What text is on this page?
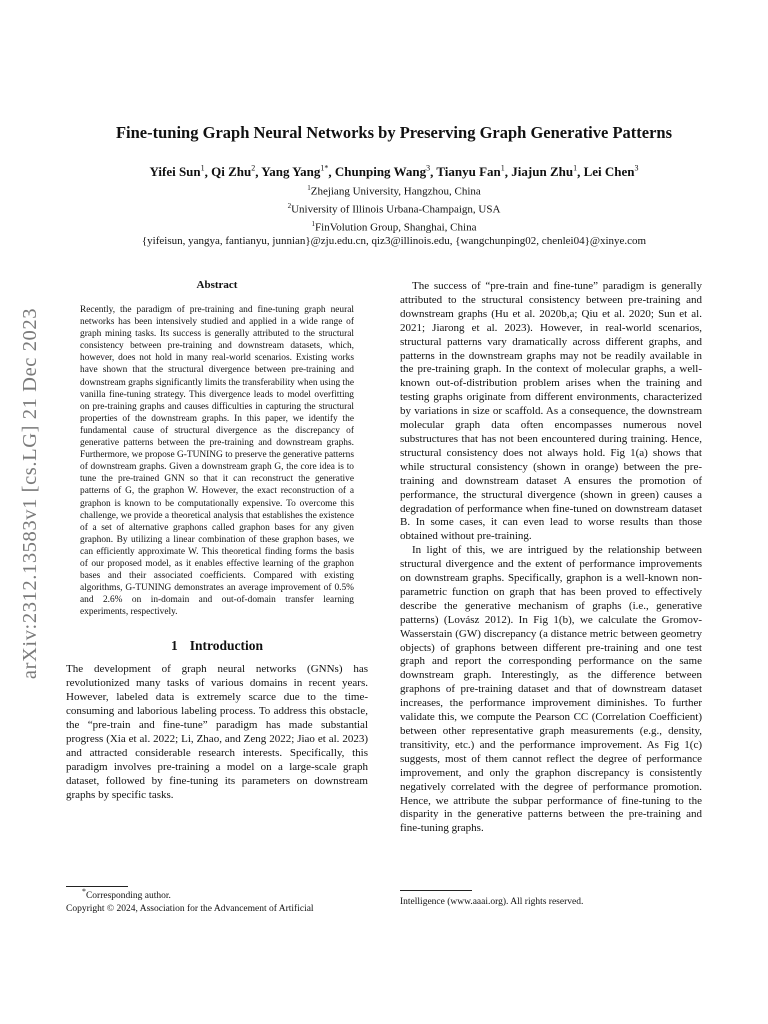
arXiv:2312.13583v1 [cs.LG] 21 Dec 2023
Fine-tuning Graph Neural Networks by Preserving Graph Generative Patterns
Yifei Sun$^1$, Qi Zhu$^2$, Yang Yang$^{1*}$, Chunping Wang$^3$, Tianyu Fan$^1$, Jiajun Zhu$^1$, Lei Chen$^3$
$^1$Zhejiang University, Hangzhou, China
$^2$University of Illinois Urbana-Champaign, USA
$^1$FinVolution Group, Shanghai, China
{yifeisun, yangya, fantianyu, junnian}@zju.edu.cn, qiz3@illinois.edu, {wangchunping02, chenlei04}@xinye.com
Abstract

Recently, the paradigm of pre-training and fine-tuning graph neural networks has been intensively studied and applied in a wide range of graph mining tasks. Its success is generally attributed to the structural consistency between pre-training and downstream datasets, which, however, does not hold in many real-world scenarios. Existing works have shown that the structural divergence between pre-training and downstream graphs significantly limits the transferability when using the vanilla fine-tuning strategy. This divergence leads to model overfitting on pre-training graphs and causes difficulties in capturing the structural properties of the downstream graphs. In this paper, we identify the fundamental cause of structural divergence as the discrepancy of generative patterns between the pre-training and downstream graphs. Furthermore, we propose G-TUNING to preserve the generative patterns of downstream graphs. Given a downstream graph G, the core idea is to tune the pre-trained GNN so that it can reconstruct the generative patterns of G, the graphon W. However, the exact reconstruction of a graphon is known to be computationally expensive. To overcome this challenge, we provide a theoretical analysis that establishes the existence of a set of alternative graphons called graphon bases for any given graphon. By utilizing a linear combination of these graphon bases, we can efficiently approximate W. This theoretical finding forms the basis of our proposed model, as it enables effective learning of the graphon bases and their associated coefficients. Compared with existing algorithms, G-TUNING demonstrates an average improvement of 0.5% and 2.6% on in-domain and out-of-domain transfer learning experiments, respectively.

1 Introduction

The development of graph neural networks (GNNs) has revolutionized many tasks of various domains in recent years. However, labeled data is extremely scarce due to the time-consuming and laborious labeling process. To address this obstacle, the “pre-train and fine-tune” paradigm has made substantial progress (Xia et al. 2022; Li, Zhao, and Zeng 2022; Jiao et al. 2023) and attracted considerable research interests. Specifically, this paradigm involves pre-training a model on a large-scale graph dataset, followed by fine-tuning its parameters on downstream graphs by specific tasks.

The success of “pre-train and fine-tune” paradigm is generally attributed to the structural consistency between pre-training and downstream graphs (Hu et al. 2020b,a; Qiu et al. 2020; Sun et al. 2021; Jiarong et al. 2023). However, in real-world scenarios, structural patterns vary dramatically across different graphs, and patterns in the downstream graphs may not be readily available in the pre-training graph. In the context of molecular graphs, a well-known out-of-distribution problem arises when the training and testing graphs originate from different environments, characterized by variations in size or scaffold. As a consequence, the downstream molecular graph data often encompasses numerous novel substructures that has not been encountered during training. Hence, structural consistency does not always hold. Fig 1(a) shows that while structural consistency (shown in orange) between the pre-training and downstream dataset A ensures the promotion of performance, the structural divergence (shown in green) causes a degradation of performance when fine-tuned on downstream dataset B. In some cases, it can even lead to worse results than those obtained without pre-training.

In light of this, we are intrigued by the relationship between structural divergence and the extent of performance improvements on downstream graphs. Specifically, graphon is a well-known non-parametric function on graph that has been proved to effectively describe the generative mechanism of graphs (i.e., generative patterns) (Lovász 2012). In Fig 1(b), we calculate the Gromov-Wasserstain (GW) discrepancy (a distance metric between geometry objects) of graphons between different pre-training and one test graph and report the corresponding performance on the same downstream graph. Interestingly, as the difference between graphons of pre-training dataset and that of downstream dataset increases, the performance improvement diminishes. To further validate this, we compute the Pearson CC (Correlation Coefficient) between other representative graph measurements (e.g., density, transitivity, etc.) and the performance improvement. As Fig 1(c) suggests, most of them cannot reflect the degree of performance improvement, and only the graphon discrepancy is consistently negatively correlated with the degree of performance promotion. Hence, we attribute the subpar performance of fine-tuning to the disparity in the generative patterns between the pre-training and fine-tuning graphs.

*Corresponding author.
Copyright © 2024, Association for the Advancement of Artificial
Intelligence (www.aaai.org). All rights reserved.
